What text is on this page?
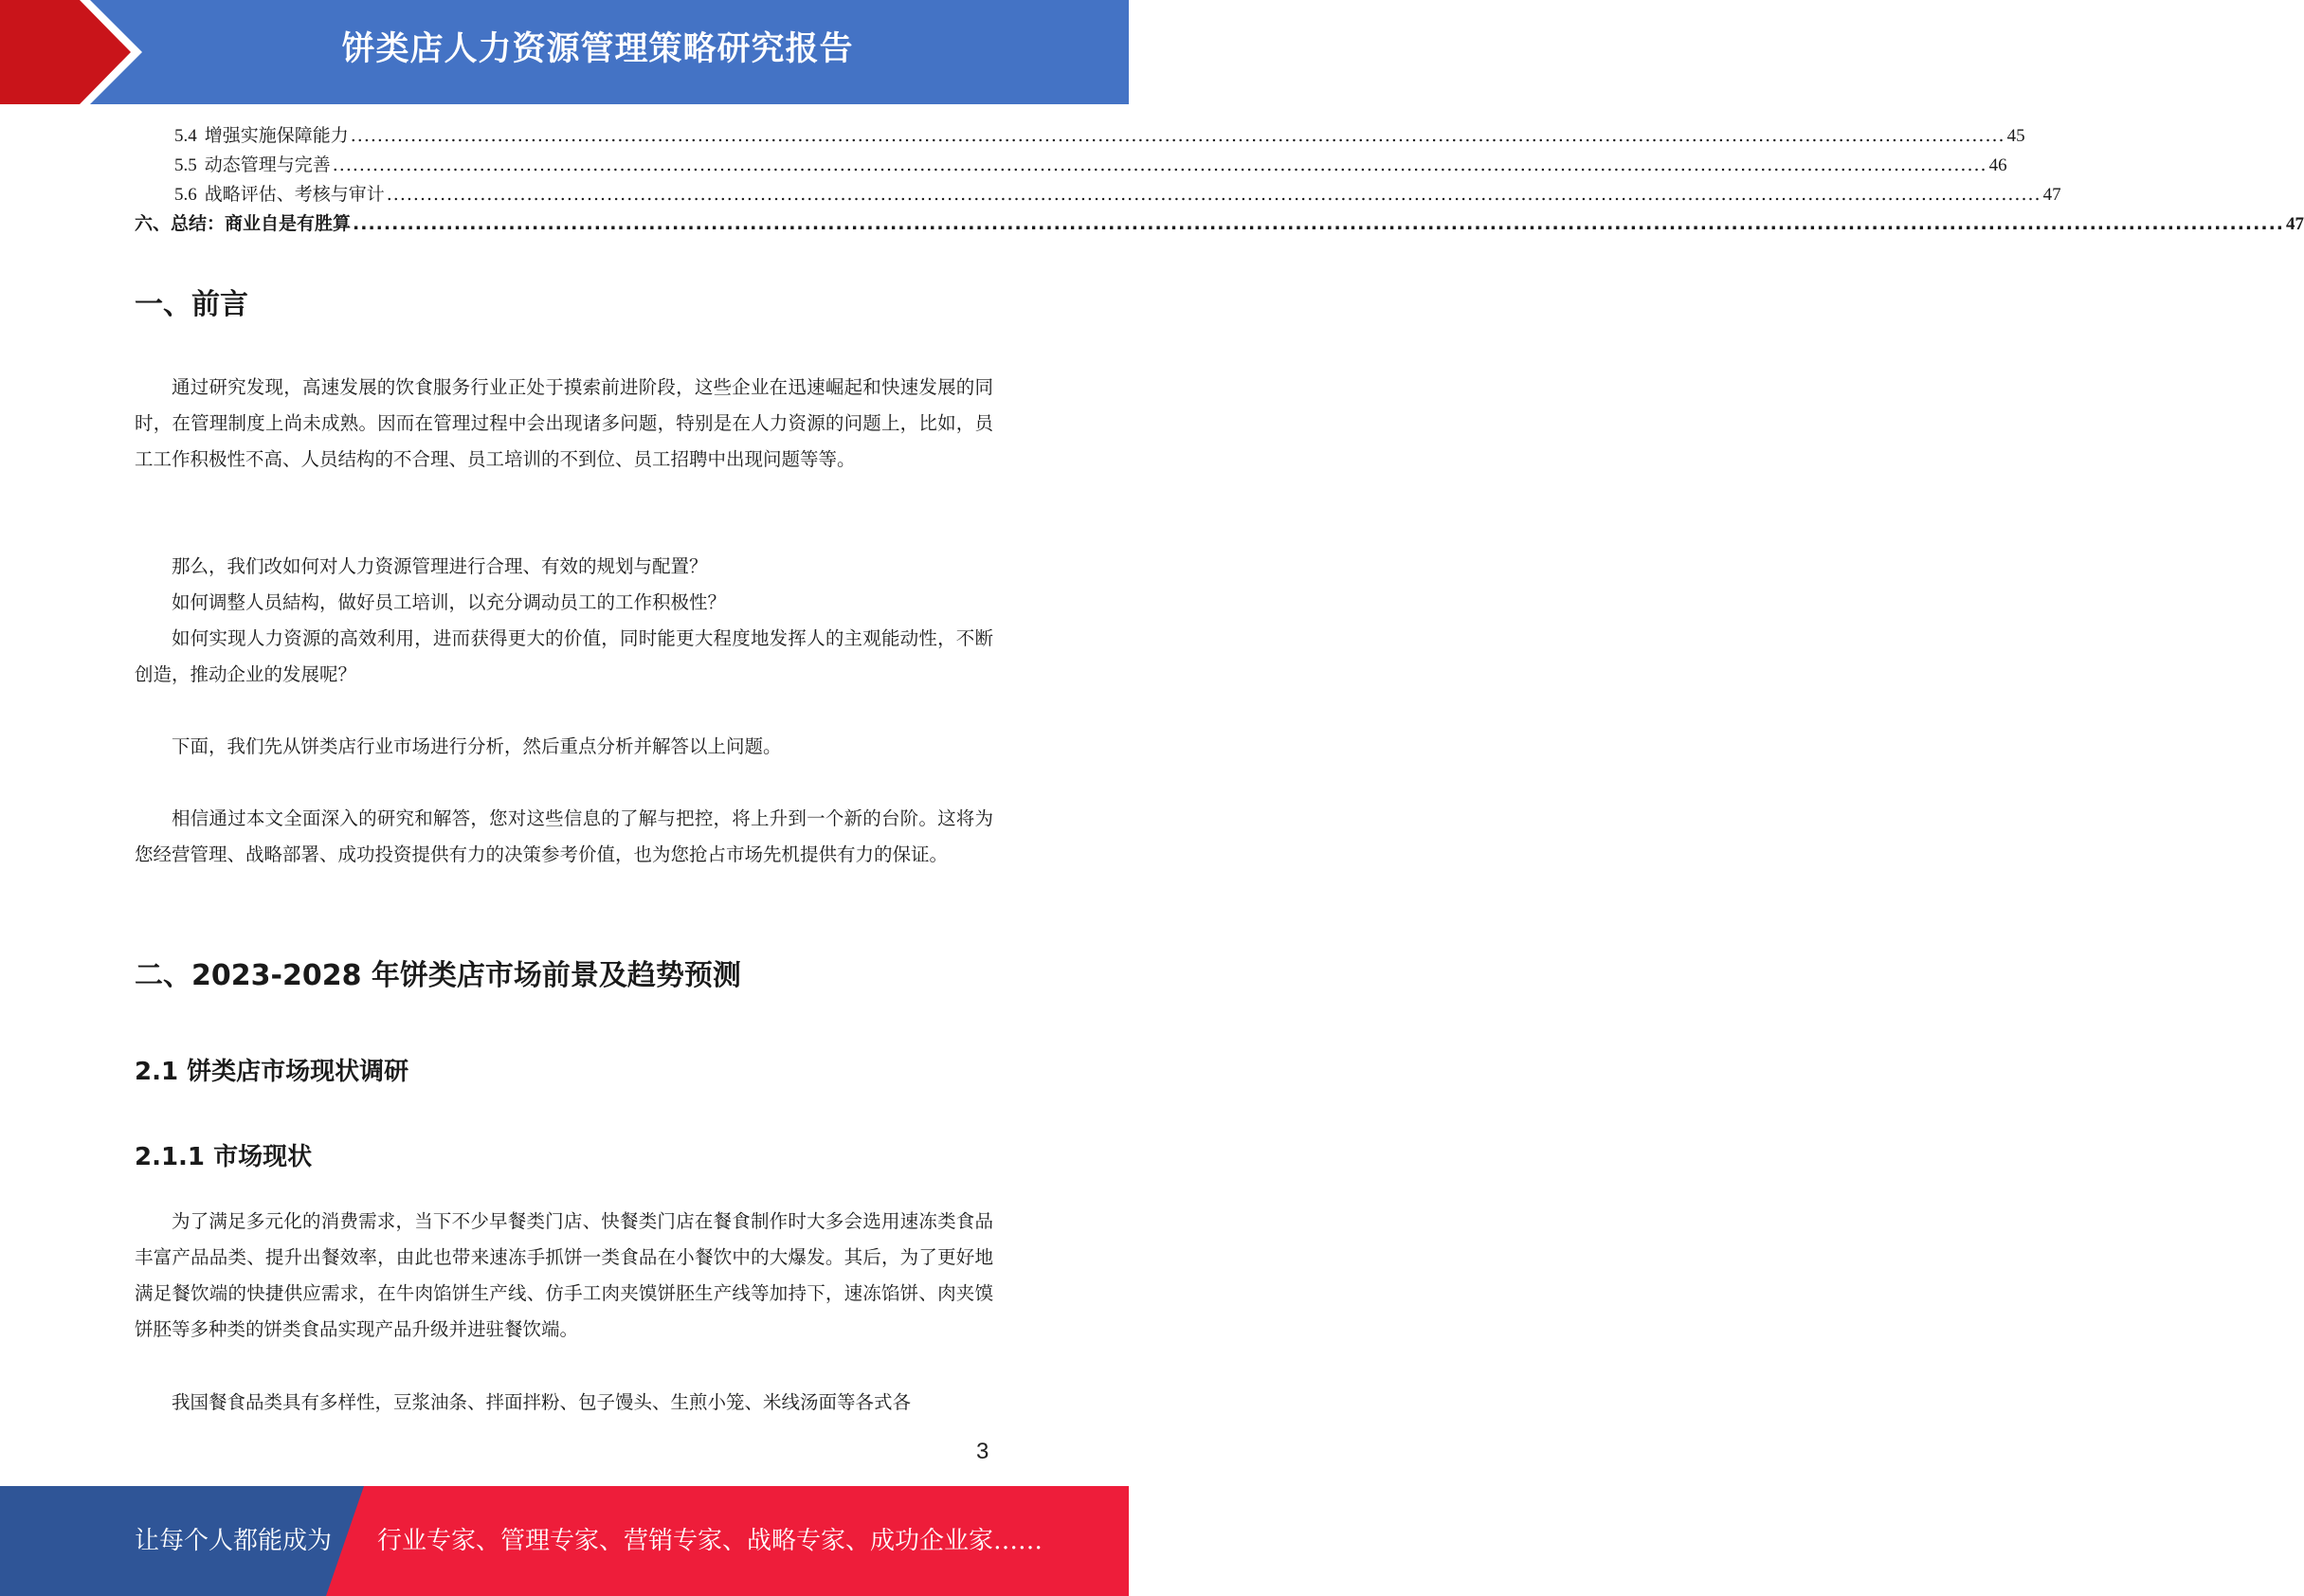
饼类店人力资源管理策略研究报告
5.4 增强实施保障能力 ........................................................................................................................................................................................................................................................ 45
5.5 动态管理与完善 ........................................................................................................................................................................................................................................................ 46
5.6 战略评估、考核与审计 ........................................................................................................................................................................................................................................................ 47
六、总结：商业自是有胜算 ........................................................................................................................................................................................................................................................ 47
一、前言

通过研究发现，高速发展的饮食服务行业正处于摸索前进阶段，这些企业在迅速崛起和快速发展的同时，在管理制度上尚未成熟。因而在管理过程中会出现诸多问题，特别是在人力资源的问题上，比如，员工工作积极性不高、人员结构的不合理、员工培训的不到位、员工招聘中出现问题等等。

那么，我们改如何对人力资源管理进行合理、有效的规划与配置？

如何调整人员結构，做好员工培训，以充分调动员工的工作积极性？

如何实现人力资源的高效利用，进而获得更大的价值，同时能更大程度地发挥人的主观能动性，不断创造，推动企业的发展呢？

下面，我们先从饼类店行业市场进行分析，然后重点分析并解答以上问题。

相信通过本文全面深入的研究和解答，您对这些信息的了解与把控，将上升到一个新的台阶。这将为您经营管理、战略部署、成功投资提供有力的决策参考价值，也为您抢占市场先机提供有力的保证。

二、2023-2028 年饼类店市场前景及趋势预测
2.1 饼类店市场现状调研
2.1.1 市场现状

为了满足多元化的消费需求，当下不少早餐类门店、快餐类门店在餐食制作时大多会选用速冻类食品丰富产品品类、提升出餐效率，由此也带来速冻手抓饼一类食品在小餐饮中的大爆发。其后，为了更好地满足餐饮端的快捷供应需求，在牛肉馅饼生产线、仿手工肉夹馍饼胚生产线等加持下，速冻馅饼、肉夹馍饼胚等多种类的饼类食品实现产品升级并进驻餐饮端。

我国餐食品类具有多样性，豆浆油条、拌面拌粉、包子馒头、生煎小笼、米线汤面等各式各

3
让每个人都能成为 行业专家、管理专家、营销专家、战略专家、成功企业家……
